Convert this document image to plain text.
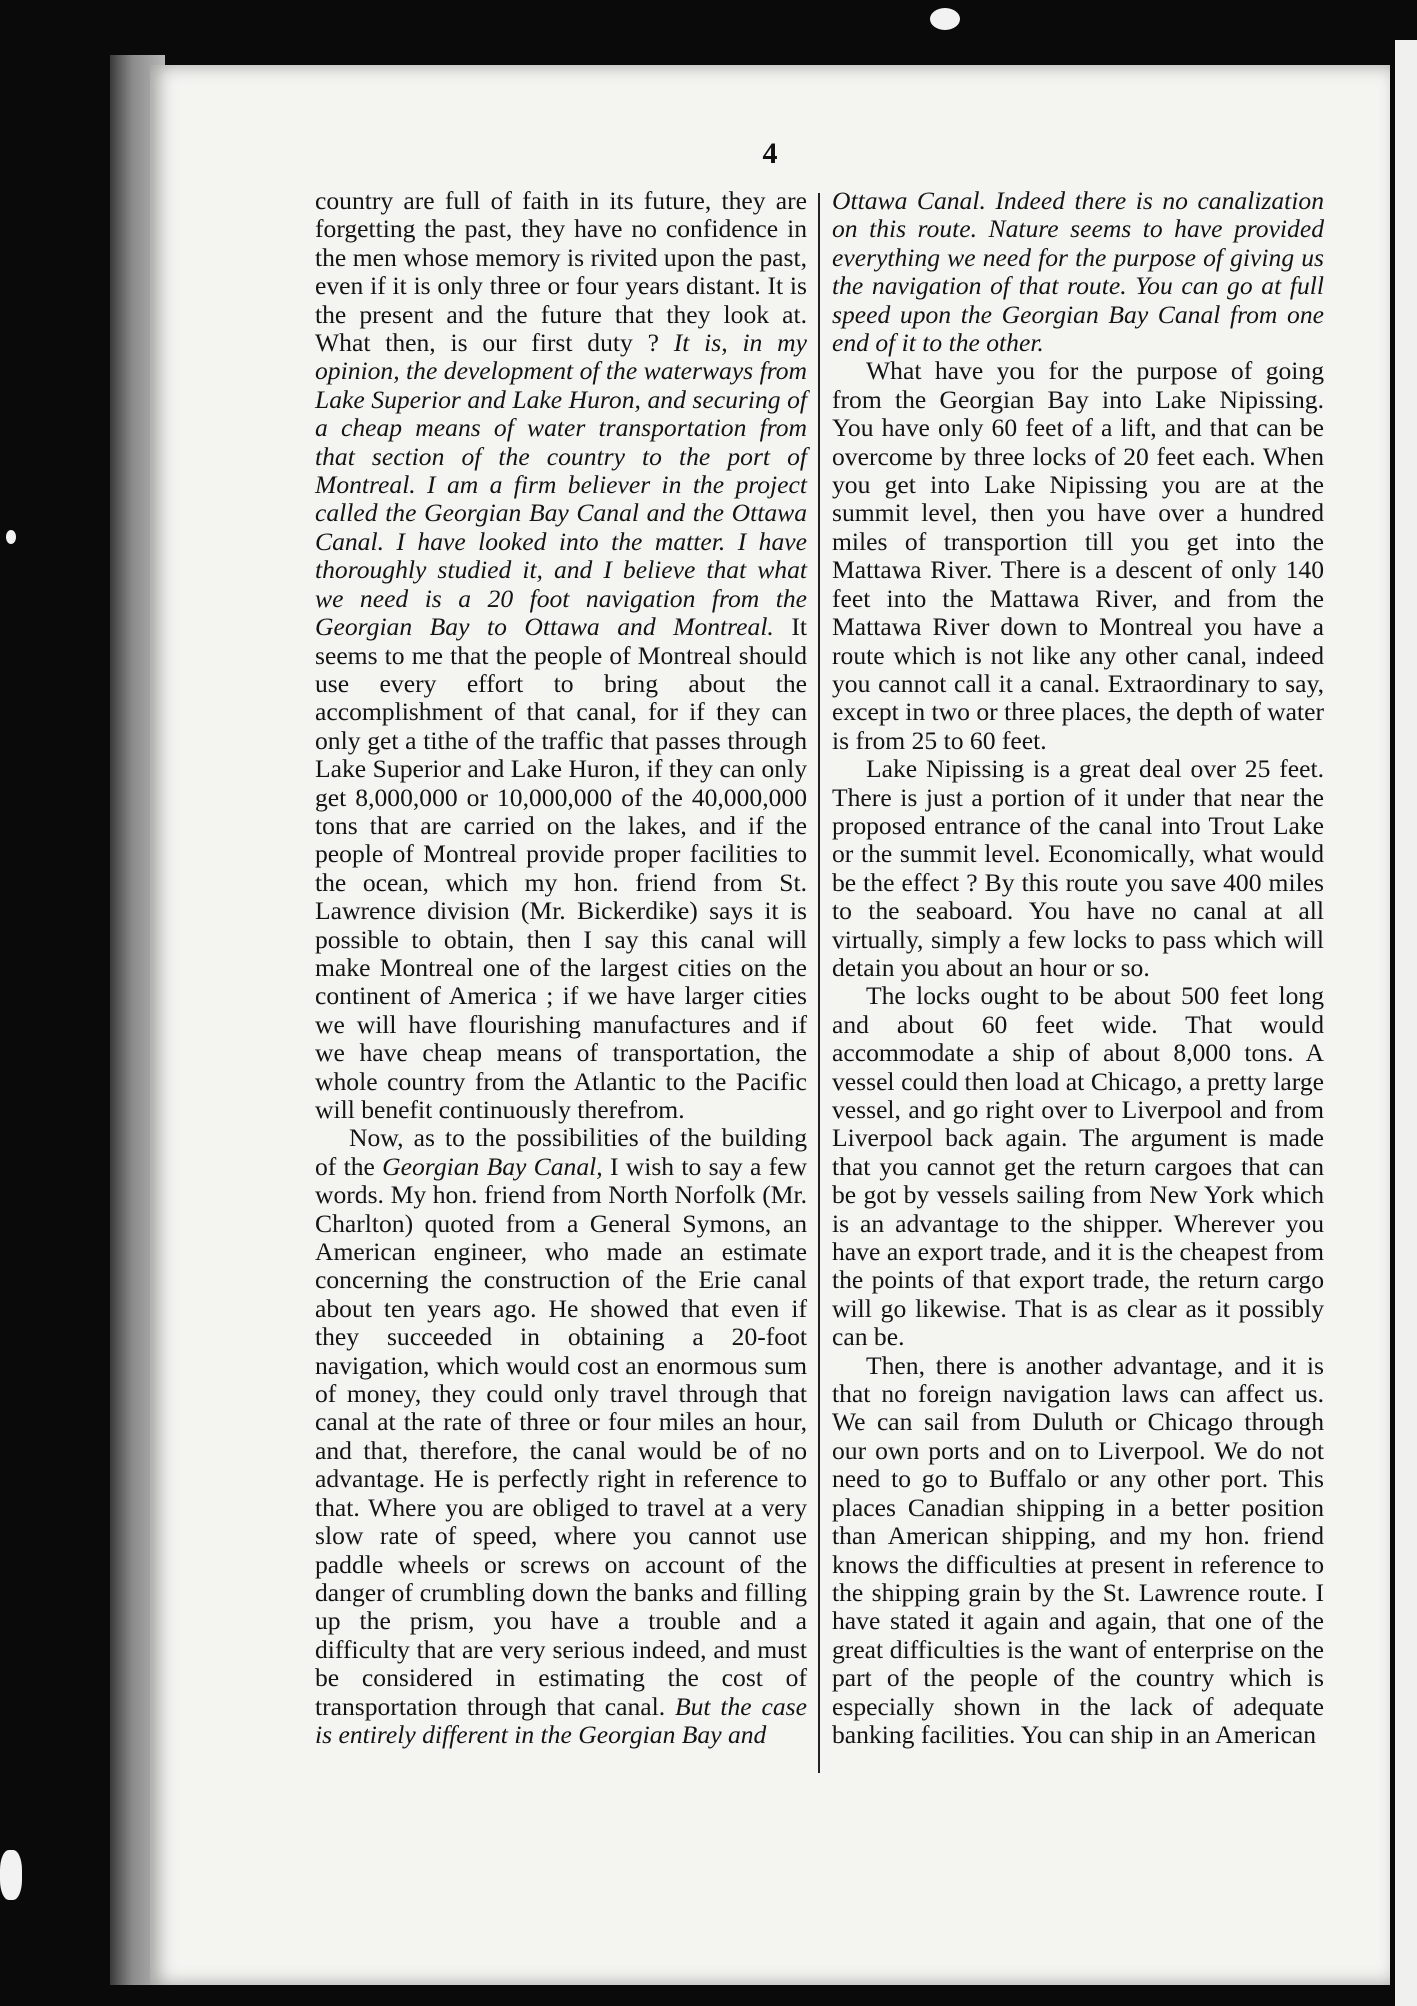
4

country are full of faith in its future, they are forgetting the past, they have no confidence in the men whose memory is rivited upon the past, even if it is only three or four years distant. It is the present and the future that they look at. What then, is our first duty ? It is, in my opinion, the development of the waterways from Lake Superior and Lake Huron, and securing of a cheap means of water transportation from that section of the country to the port of Montreal. I am a firm believer in the project called the Georgian Bay Canal and the Ottawa Canal. I have looked into the matter. I have thoroughly studied it, and I believe that what we need is a 20 foot navigation from the Georgian Bay to Ottawa and Montreal. It seems to me that the people of Montreal should use every effort to bring about the accomplishment of that canal, for if they can only get a tithe of the traffic that passes through Lake Superior and Lake Huron, if they can only get 8,000,000 or 10,000,000 of the 40,000,000 tons that are carried on the lakes, and if the people of Montreal provide proper facilities to the ocean, which my hon. friend from St. Lawrence division (Mr. Bickerdike) says it is possible to obtain, then I say this canal will make Montreal one of the largest cities on the continent of America ; if we have larger cities we will have flourishing manufactures and if we have cheap means of transportation, the whole country from the Atlantic to the Pacific will benefit continuously therefrom.

Now, as to the possibilities of the building of the Georgian Bay Canal, I wish to say a few words. My hon. friend from North Norfolk (Mr. Charlton) quoted from a General Symons, an American engineer, who made an estimate concerning the construction of the Erie canal about ten years ago. He showed that even if they succeeded in obtaining a 20-foot navigation, which would cost an enormous sum of money, they could only travel through that canal at the rate of three or four miles an hour, and that, therefore, the canal would be of no advantage. He is perfectly right in reference to that. Where you are obliged to travel at a very slow rate of speed, where you cannot use paddle wheels or screws on account of the danger of crumbling down the banks and filling up the prism, you have a trouble and a difficulty that are very serious indeed, and must be considered in estimating the cost of transportation through that canal. But the case is entirely different in the Georgian Bay and

Ottawa Canal. Indeed there is no canalization on this route. Nature seems to have provided everything we need for the purpose of giving us the navigation of that route. You can go at full speed upon the Georgian Bay Canal from one end of it to the other.

What have you for the purpose of going from the Georgian Bay into Lake Nipissing. You have only 60 feet of a lift, and that can be overcome by three locks of 20 feet each. When you get into Lake Nipissing you are at the summit level, then you have over a hundred miles of transportion till you get into the Mattawa River. There is a descent of only 140 feet into the Mattawa River, and from the Mattawa River down to Montreal you have a route which is not like any other canal, indeed you cannot call it a canal. Extraordinary to say, except in two or three places, the depth of water is from 25 to 60 feet.

Lake Nipissing is a great deal over 25 feet. There is just a portion of it under that near the proposed entrance of the canal into Trout Lake or the summit level. Economically, what would be the effect ? By this route you save 400 miles to the seaboard. You have no canal at all virtually, simply a few locks to pass which will detain you about an hour or so.

The locks ought to be about 500 feet long and about 60 feet wide. That would accommodate a ship of about 8,000 tons. A vessel could then load at Chicago, a pretty large vessel, and go right over to Liverpool and from Liverpool back again. The argument is made that you cannot get the return cargoes that can be got by vessels sailing from New York which is an advantage to the shipper. Wherever you have an export trade, and it is the cheapest from the points of that export trade, the return cargo will go likewise. That is as clear as it possibly can be.

Then, there is another advantage, and it is that no foreign navigation laws can affect us. We can sail from Duluth or Chicago through our own ports and on to Liverpool. We do not need to go to Buffalo or any other port. This places Canadian shipping in a better position than American shipping, and my hon. friend knows the difficulties at present in reference to the shipping grain by the St. Lawrence route. I have stated it again and again, that one of the great difficulties is the want of enterprise on the part of the people of the country which is especially shown in the lack of adequate banking facilities. You can ship in an American
